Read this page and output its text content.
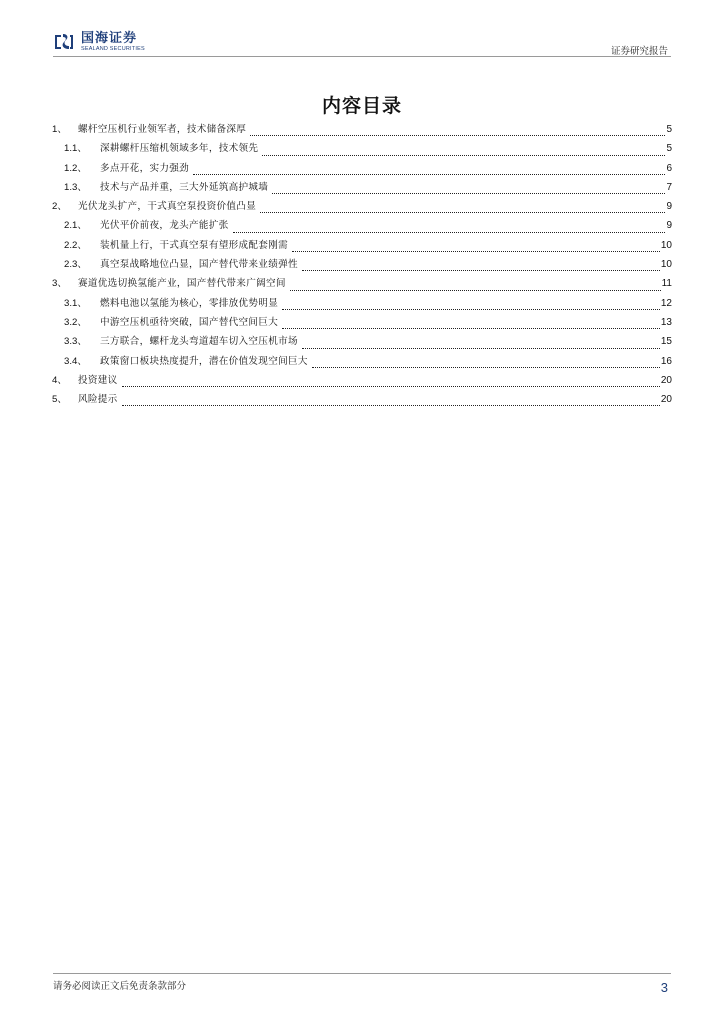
国海证券
SEALAND SECURITIES	证券研究报告
内容目录
1、	螺杆空压机行业领军者，技术储备深厚	5
1.1、	深耕螺杆压缩机领域多年，技术领先	5
1.2、	多点开花，实力强劲	6
1.3、	技术与产品并重，三大外延筑高护城墙	7
2、	光伏龙头扩产，干式真空泵投资价值凸显	9
2.1、	光伏平价前夜，龙头产能扩张	9
2.2、	装机量上行，干式真空泵有望形成配套刚需	10
2.3、	真空泵战略地位凸显，国产替代带来业绩弹性	10
3、	赛道优选切换氢能产业，国产替代带来广阔空间	11
3.1、	燃料电池以氢能为核心，零排放优势明显	12
3.2、	中游空压机亟待突破，国产替代空间巨大	13
3.3、	三方联合，螺杆龙头弯道超车切入空压机市场	15
3.4、	政策窗口板块热度提升，潜在价值发现空间巨大	16
4、	投资建议	20
5、	风险提示	20
请务必阅读正文后免责条款部分	3
